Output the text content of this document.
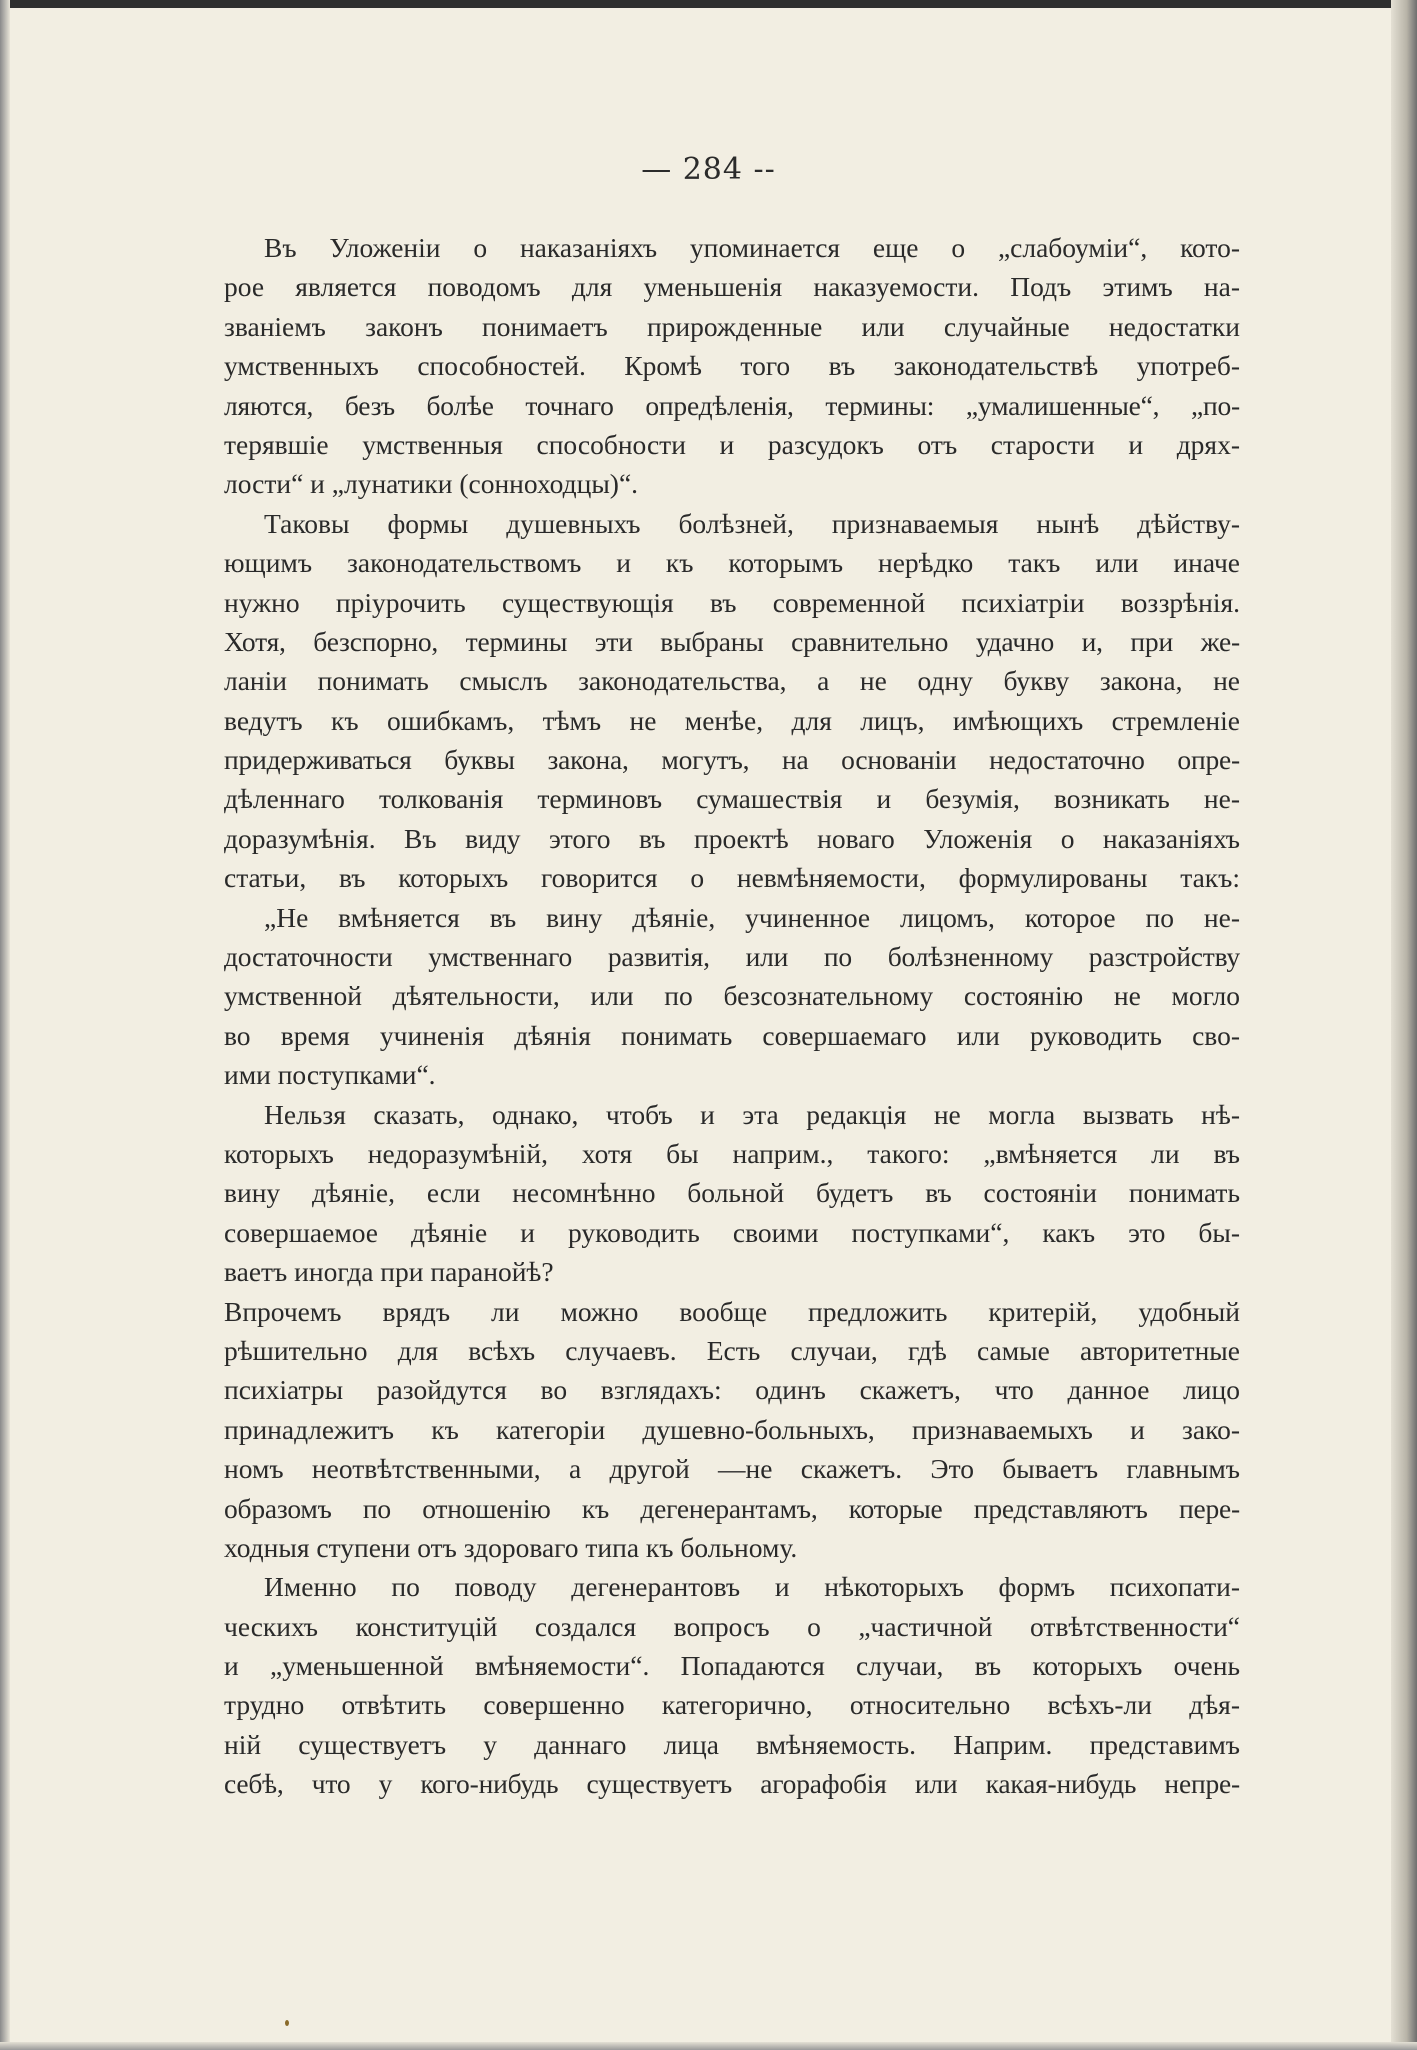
— 284 --
Въ Уложенiи о наказанiяхъ упоминается еще о „слабоумiи“, кото-
рое является поводомъ для уменьшенiя наказуемости. Подъ этимъ на-
званiемъ законъ понимаетъ прирожденные или случайные недостатки
умственныхъ способностей. Кромѣ того въ законодательствѣ употреб-
ляются, безъ болѣе точнаго опредѣленiя, термины: „умалишенные“, „по-
терявшiе умственныя способности и разсудокъ отъ старости и дрях-
лости“ и „лунатики (сонноходцы)“.
Таковы формы душевныхъ болѣзней, признаваемыя нынѣ дѣйству-
ющимъ законодательствомъ и къ которымъ нерѣдко такъ или иначе
нужно прiурочить существующiя въ современной психiатрiи воззрѣнiя.
Хотя, безспорно, термины эти выбраны сравнительно удачно и, при же-
ланiи понимать смыслъ законодательства, а не одну букву закона, не
ведутъ къ ошибкамъ, тѣмъ не менѣе, для лицъ, имѣющихъ стремленiе
придерживаться буквы закона, могутъ, на основанiи недостаточно опре-
дѣленнаго толкованiя терминовъ сумашествiя и безумiя, возникать не-
доразумѣнiя. Въ виду этого въ проектѣ новаго Уложенiя о наказанiяхъ
статьи, въ которыхъ говорится о невмѣняемости, формулированы такъ:
„Не вмѣняется въ вину дѣянiе, учиненное лицомъ, которое по не-
достаточности умственнаго развитiя, или по болѣзненному разстройству
умственной дѣятельности, или по безсознательному состоянiю не могло
во время учиненiя дѣянiя понимать совершаемаго или руководить сво-
ими поступками“.
Нельзя сказать, однако, чтобъ и эта редакцiя не могла вызвать нѣ-
которыхъ недоразумѣнiй, хотя бы наприм., такого: „вмѣняется ли въ
вину дѣянiе, если несомнѣнно больной будетъ въ состоянiи понимать
совершаемое дѣянiе и руководить своими поступками“, какъ это бы-
ваетъ иногда при паранойѣ?
Впрочемъ врядъ ли можно вообще предложить критерiй, удобный
рѣшительно для всѣхъ случаевъ. Есть случаи, гдѣ самые авторитетные
психiатры разойдутся во взглядахъ: одинъ скажетъ, что данное лицо
принадлежитъ къ категорiи душевно-больныхъ, признаваемыхъ и зако-
номъ неотвѣтственными, а другой —не скажетъ. Это бываетъ главнымъ
образомъ по отношенiю къ дегенерантамъ, которые представляютъ пере-
ходныя ступени отъ здороваго типа къ больному.
Именно по поводу дегенерантовъ и нѣкоторыхъ формъ психопати-
ческихъ конституцiй создался вопросъ о „частичной отвѣтственности“
и „уменьшенной вмѣняемости“. Попадаются случаи, въ которыхъ очень
трудно отвѣтить совершенно категорично, относительно всѣхъ-ли дѣя-
нiй существуетъ у даннаго лица вмѣняемость. Наприм. представимъ
себѣ, что у кого-нибудь существуетъ агорафобiя или какая-нибудь непре-
